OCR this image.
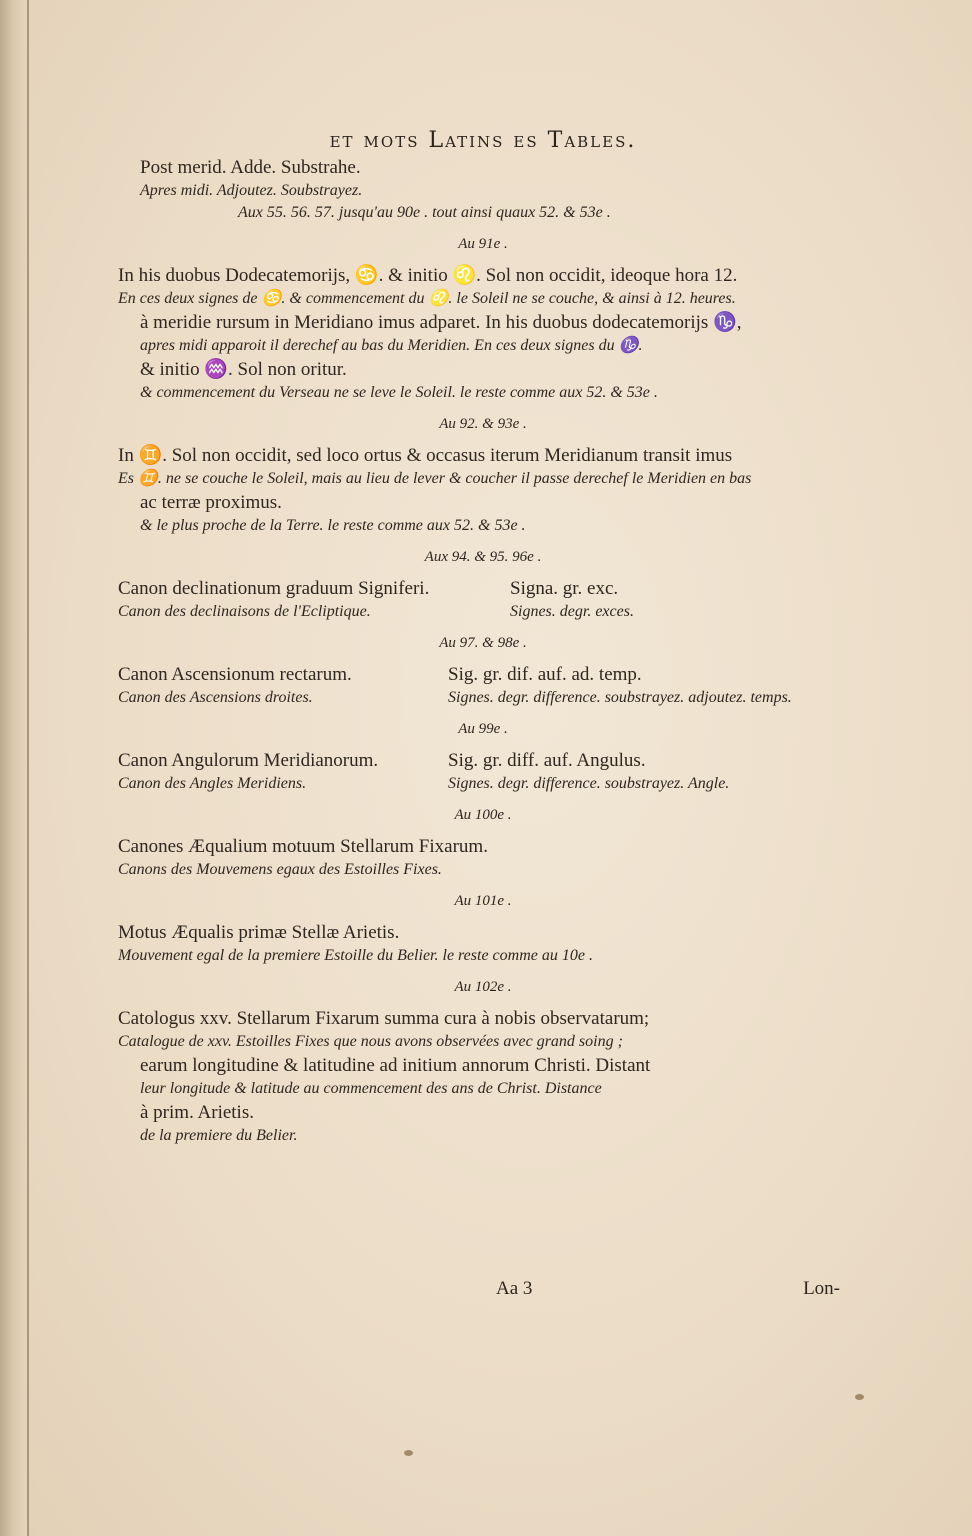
et mots Latins es Tables.
Post merid. Adde. Substrahe.
Apres midi. Adjoutez. Soubstrayez.
Aux 55. 56. 57. jusqu'au 90e . tout ainsi quaux 52. & 53e .
Au 91e .
In his duobus Dodecatemorijs, ♋. & initio ♌. Sol non occidit, ideoque hora 12.
En ces deux signes de ♋. & commencement du ♌. le Soleil ne se couche, & ainsi à 12. heures.
à meridie rursum in Meridiano imus adparet. In his duobus dodecatemorijs ♑,
apres midi apparoit il derechef au bas du Meridien. En ces deux signes du ♑.
& initio ♒. Sol non oritur.
& commencement du Verseau ne se leve le Soleil. le reste comme aux 52. & 53e .
Au 92. & 93e .
In ♊. Sol non occidit, sed loco ortus & occasus iterum Meridianum transit imus
Es ♊. ne se couche le Soleil, mais au lieu de lever & coucher il passe derechef le Meridien en bas
ac terræ proximus.
& le plus proche de la Terre. le reste comme aux 52. & 53e .
Aux 94. & 95. 96e .
Canon declinationum graduum Signiferi.	Signa. gr. exc.
Canon des declinaisons de l'Ecliptique.	Signes. degr. exces.
Au 97. & 98e .
Canon Ascensionum rectarum.	Sig. gr. dif. auf. ad. temp.
Canon des Ascensions droites.	Signes. degr. difference. soubstrayez. adjoutez. temps.
Au 99e .
Canon Angulorum Meridianorum.	Sig. gr. diff. auf. Angulus.
Canon des Angles Meridiens.	Signes. degr. difference. soubstrayez. Angle.
Au 100e .
Canones Æqualium motuum Stellarum Fixarum.
Canons des Mouvemens egaux des Estoilles Fixes.
Au 101e .
Motus Æqualis primæ Stellæ Arietis.
Mouvement egal de la premiere Estoille du Belier. le reste comme au 10e .
Au 102e .
Catologus xxv. Stellarum Fixarum summa cura à nobis observatarum;
Catalogue de xxv. Estoilles Fixes que nous avons observées avec grand soing ;
earum longitudine & latitudine ad initium annorum Christi. Distant
leur longitude & latitude au commencement des ans de Christ. Distance
à prim. Arietis.
de la premiere du Belier.
Aa 3	Lon-
